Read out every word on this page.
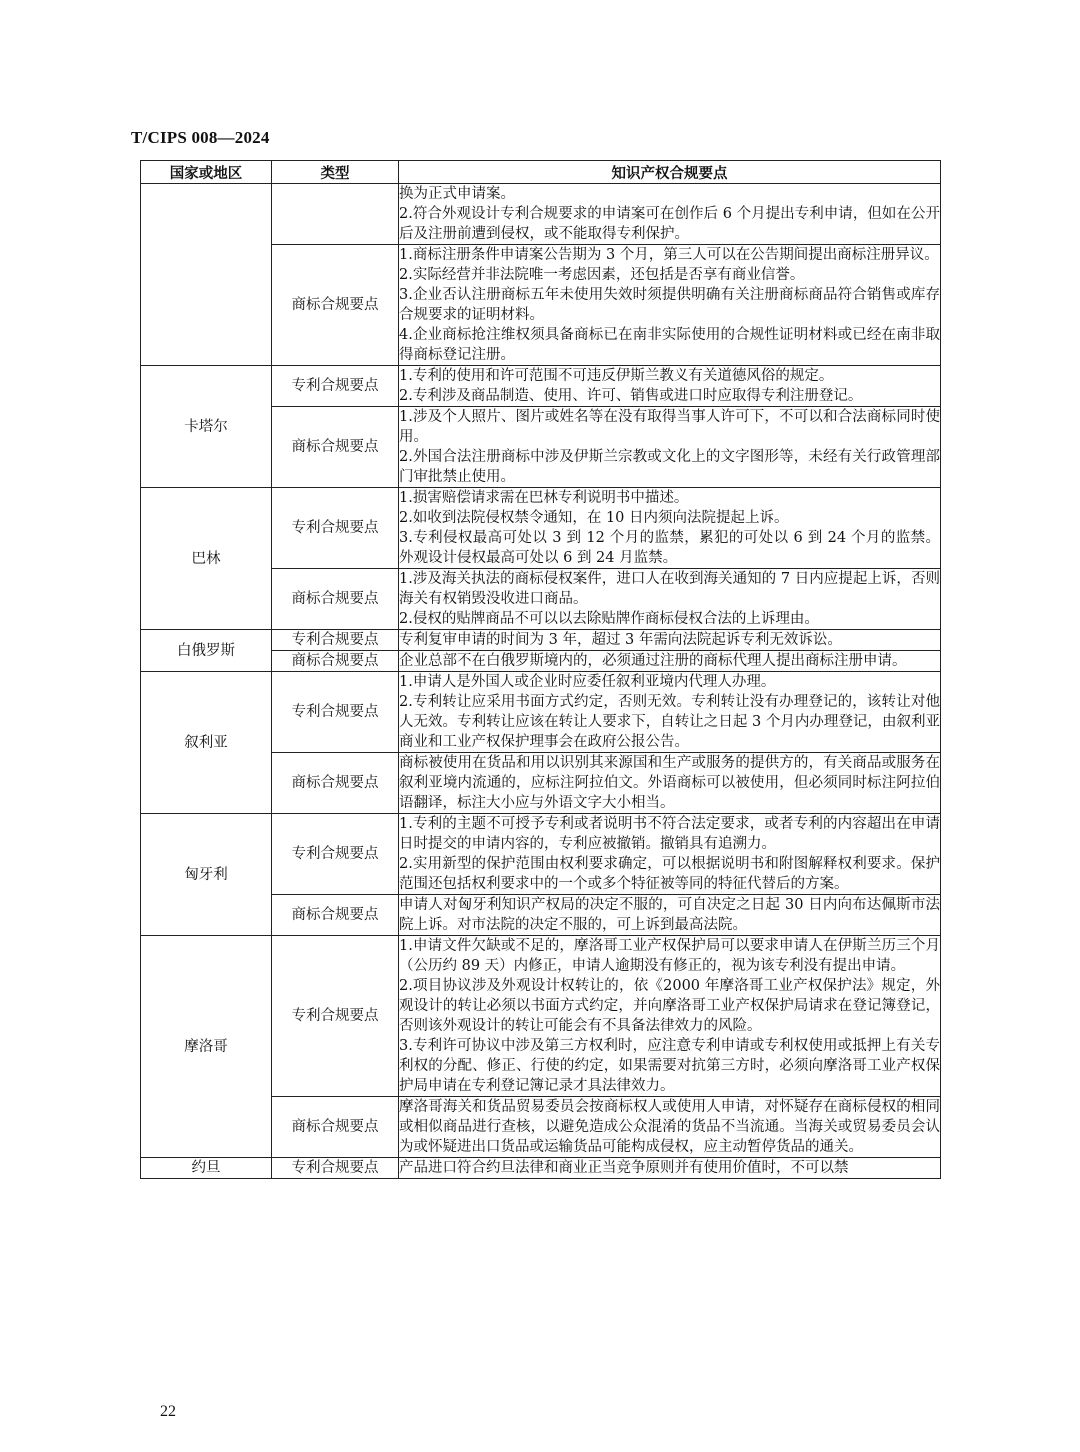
T/CIPS 008—2024
国家或地区	类型	知识产权合规要点

		换为正式申请案。

2.符合外观设计专利合规要求的申请案可在创作后 6 个月提出专利申请，但如在公开后及注册前遭到侵权，或不能取得专利保护。

	商标合规要点	1.商标注册条件申请案公告期为 3 个月，第三人可以在公告期间提出商标注册异议。

2.实际经营并非法院唯一考虑因素，还包括是否享有商业信誉。

3.企业否认注册商标五年未使用失效时须提供明确有关注册商标商品符合销售或库存合规要求的证明材料。

4.企业商标抢注维权须具备商标已在南非实际使用的合规性证明材料或已经在南非取得商标登记注册。

卡塔尔	专利合规要点	1.专利的使用和许可范围不可违反伊斯兰教义有关道德风俗的规定。

2.专利涉及商品制造、使用、许可、销售或进口时应取得专利注册登记。

	商标合规要点	1.涉及个人照片、图片或姓名等在没有取得当事人许可下，不可以和合法商标同时使用。

2.外国合法注册商标中涉及伊斯兰宗教或文化上的文字图形等，未经有关行政管理部门审批禁止使用。

巴林	专利合规要点	1.损害赔偿请求需在巴林专利说明书中描述。

2.如收到法院侵权禁令通知，在 10 日内须向法院提起上诉。

3.专利侵权最高可处以 3 到 12 个月的监禁，累犯的可处以 6 到 24 个月的监禁。外观设计侵权最高可处以 6 到 24 月监禁。

	商标合规要点	1.涉及海关执法的商标侵权案件，进口人在收到海关通知的 7 日内应提起上诉，否则海关有权销毁没收进口商品。

2.侵权的贴牌商品不可以以去除贴牌作商标侵权合法的上诉理由。

白俄罗斯	专利合规要点	专利复审申请的时间为 3 年，超过 3 年需向法院起诉专利无效诉讼。

	商标合规要点	企业总部不在白俄罗斯境内的，必须通过注册的商标代理人提出商标注册申请。

叙利亚	专利合规要点	1.申请人是外国人或企业时应委任叙利亚境内代理人办理。

2.专利转让应采用书面方式约定，否则无效。专利转让没有办理登记的，该转让对他人无效。专利转让应该在转让人要求下，自转让之日起 3 个月内办理登记，由叙利亚商业和工业产权保护理事会在政府公报公告。

	商标合规要点	商标被使用在货品和用以识别其来源国和生产或服务的提供方的，有关商品或服务在叙利亚境内流通的，应标注阿拉伯文。外语商标可以被使用，但必须同时标注阿拉伯语翻译，标注大小应与外语文字大小相当。

匈牙利	专利合规要点	1.专利的主题不可授予专利或者说明书不符合法定要求，或者专利的内容超出在申请日时提交的申请内容的，专利应被撤销。撤销具有追溯力。

2.实用新型的保护范围由权利要求确定，可以根据说明书和附图解释权利要求。保护范围还包括权利要求中的一个或多个特征被等同的特征代替后的方案。

	商标合规要点	申请人对匈牙利知识产权局的决定不服的，可自决定之日起 30 日内向布达佩斯市法院上诉。对市法院的决定不服的，可上诉到最高法院。

摩洛哥	专利合规要点	1.申请文件欠缺或不足的，摩洛哥工业产权保护局可以要求申请人在伊斯兰历三个月（公历约 89 天）内修正，申请人逾期没有修正的，视为该专利没有提出申请。

2.项目协议涉及外观设计权转让的，依《2000 年摩洛哥工业产权保护法》规定，外观设计的转让必须以书面方式约定，并向摩洛哥工业产权保护局请求在登记簿登记，否则该外观设计的转让可能会有不具备法律效力的风险。

3.专利许可协议中涉及第三方权利时，应注意专利申请或专利权使用或抵押上有关专利权的分配、修正、行使的约定，如果需要对抗第三方时，必须向摩洛哥工业产权保护局申请在专利登记簿记录才具法律效力。

	商标合规要点	摩洛哥海关和货品贸易委员会按商标权人或使用人申请，对怀疑存在商标侵权的相同或相似商品进行查核，以避免造成公众混淆的货品不当流通。当海关或贸易委员会认为或怀疑进出口货品或运输货品可能构成侵权，应主动暂停货品的通关。

约旦	专利合规要点	产品进口符合约旦法律和商业正当竞争原则并有使用价值时，不可以禁

22
